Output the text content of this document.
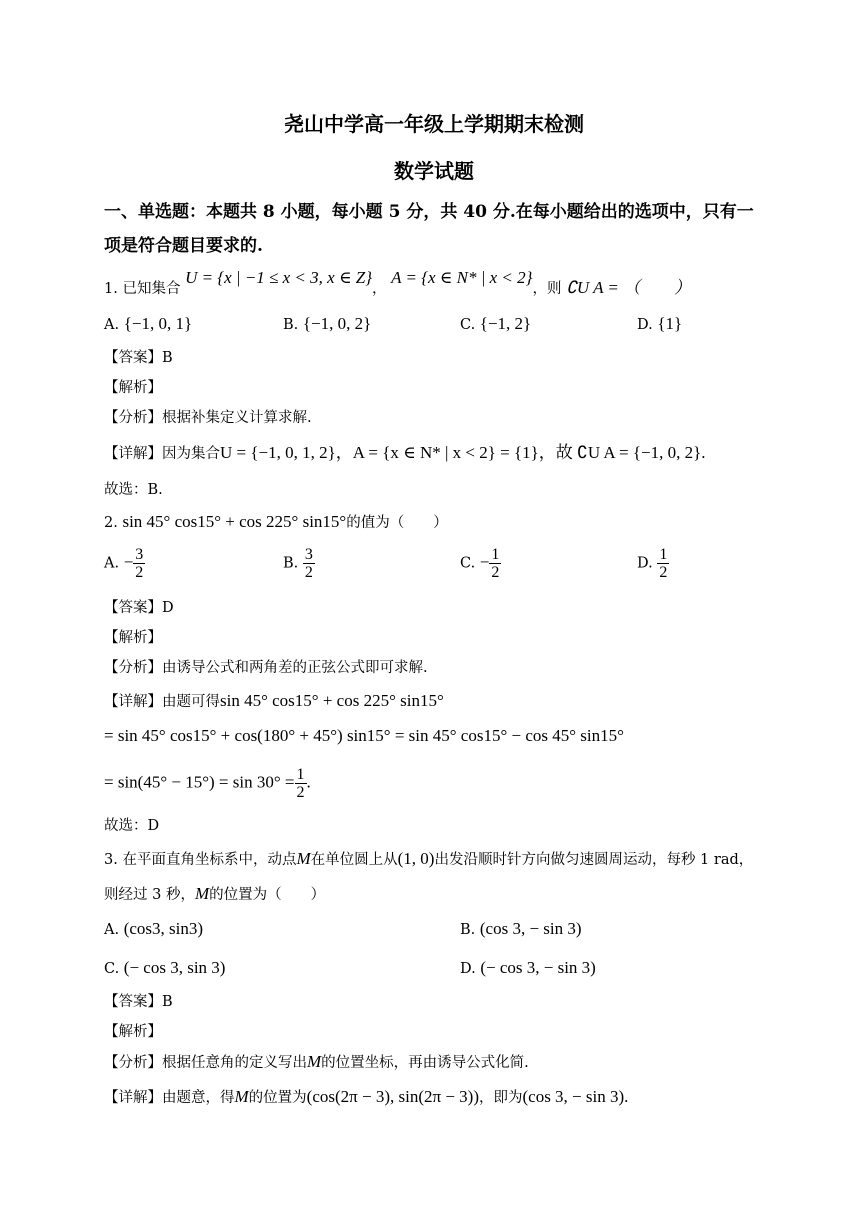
尧山中学高一年级上学期期末检测
数学试题
一、单选题：本题共 8 小题，每小题 5 分，共 40 分.在每小题给出的选项中，只有一
项是符合题目要求的.
1. 已知集合 U = {x | −1 ≤ x < 3, x ∈ Z}， A = {x ∈ N* | x < 2}，则 ∁U A = （　　）
A. {−1, 0, 1}	B. {−1, 0, 2}	C. {−1, 2}	D. {1}
【答案】B
【解析】
【分析】根据补集定义计算求解.
【详解】因为集合U = {−1, 0, 1, 2}，A = {x ∈ N* | x < 2} = {1}，故 ∁U A = {−1, 0, 2}.
故选：B.
2. sin 45° cos15° + cos 225° sin15°的值为（　　）
A. − $\frac{3}{2}$	B. $\frac{3}{2}$	C. − $\frac{1}{2}$	D. $\frac{1}{2}$
【答案】D
【解析】
【分析】由诱导公式和两角差的正弦公式即可求解.
【详解】由题可得sin 45° cos15° + cos 225° sin15°
= sin 45° cos15° + cos(180° + 45°) sin15° = sin 45° cos15° − cos 45° sin15°
= $\sin(45^\circ - 15^\circ) = \sin 30^\circ = \frac{1}{2}$ .
故选：D
3. 在平面直角坐标系中，动点M在单位圆上从(1, 0)出发沿顺时针方向做匀速圆周运动，每秒 1 rad，
则经过 3 秒，M的位置为（　　）
A. (cos3, sin3)	B. (cos 3, − sin 3)
C. (− cos 3, sin 3)	D. (− cos 3, − sin 3)
【答案】B
【解析】
【分析】根据任意角的定义写出M的位置坐标，再由诱导公式化简.
【详解】由题意，得M的位置为(cos(2π − 3), sin(2π − 3))，即为(cos 3, − sin 3).
